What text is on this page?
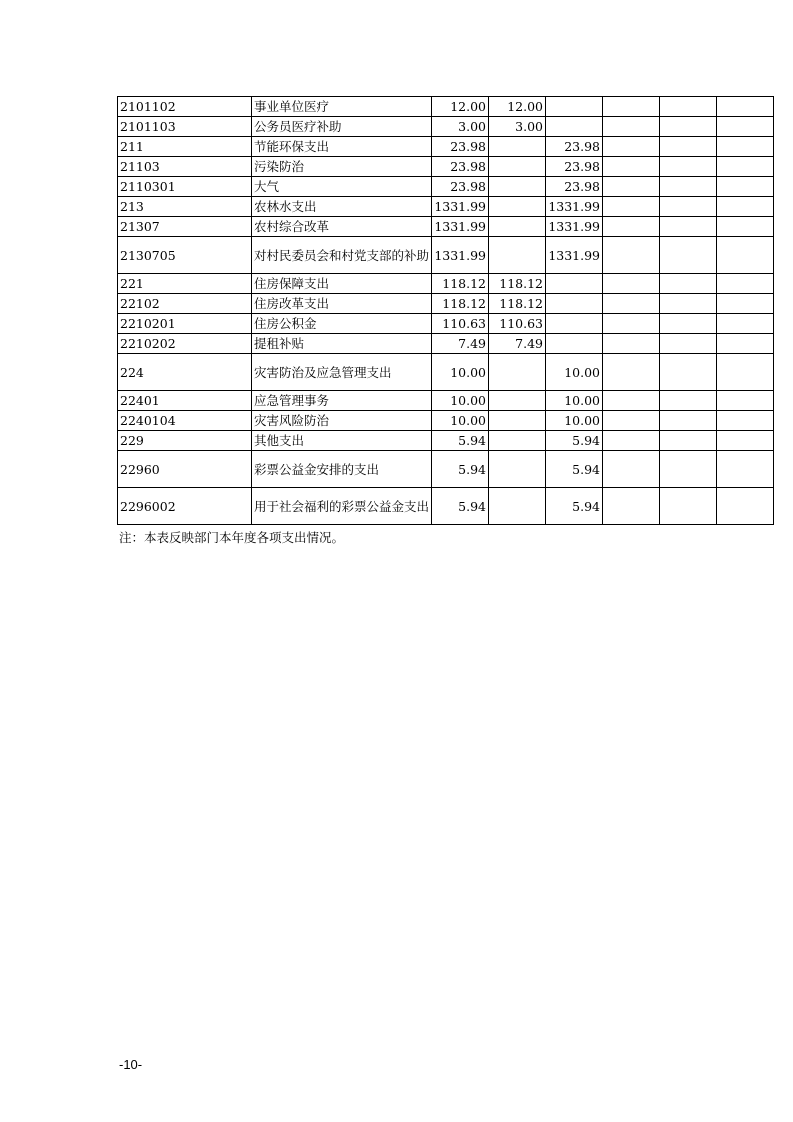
2101102	事业单位医疗	12.00	12.00				
2101103	公务员医疗补助	3.00	3.00				
211	节能环保支出	23.98		23.98			
21103	污染防治	23.98		23.98			
2110301	大气	23.98		23.98			
213	农林水支出	1331.99		1331.99			
21307	农村综合改革	1331.99		1331.99			
2130705	对村民委员会和村党支部的补助	1331.99		1331.99			
221	住房保障支出	118.12	118.12				
22102	住房改革支出	118.12	118.12				
2210201	住房公积金	110.63	110.63				
2210202	提租补贴	7.49	7.49				
224	灾害防治及应急管理支出	10.00		10.00			
22401	应急管理事务	10.00		10.00			
2240104	灾害风险防治	10.00		10.00			
229	其他支出	5.94		5.94			
22960	彩票公益金安排的支出	5.94		5.94			
2296002	用于社会福利的彩票公益金支出	5.94		5.94			
注：本表反映部门本年度各项支出情况。
-10-
